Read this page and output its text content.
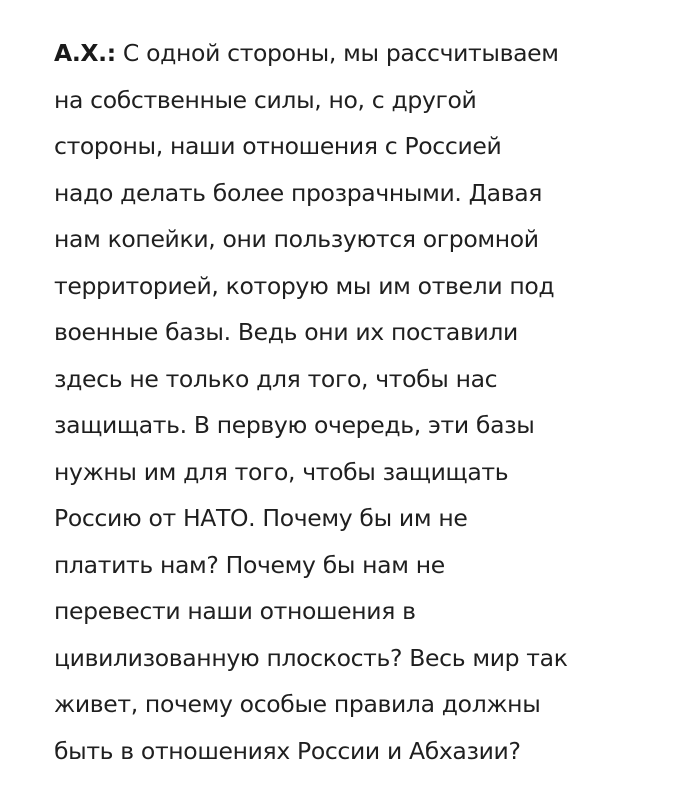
А.Х.: С одной стороны, мы рассчитываем
на собственные силы, но, с другой
стороны, наши отношения с Россией
надо делать более прозрачными. Давая
нам копейки, они пользуются огромной
территорией, которую мы им отвели под
военные базы. Ведь они их поставили
здесь не только для того, чтобы нас
защищать. В первую очередь, эти базы
нужны им для того, чтобы защищать
Россию от НАТО. Почему бы им не
платить нам? Почему бы нам не
перевести наши отношения в
цивилизованную плоскость? Весь мир так
живет, почему особые правила должны
быть в отношениях России и Абхазии?
